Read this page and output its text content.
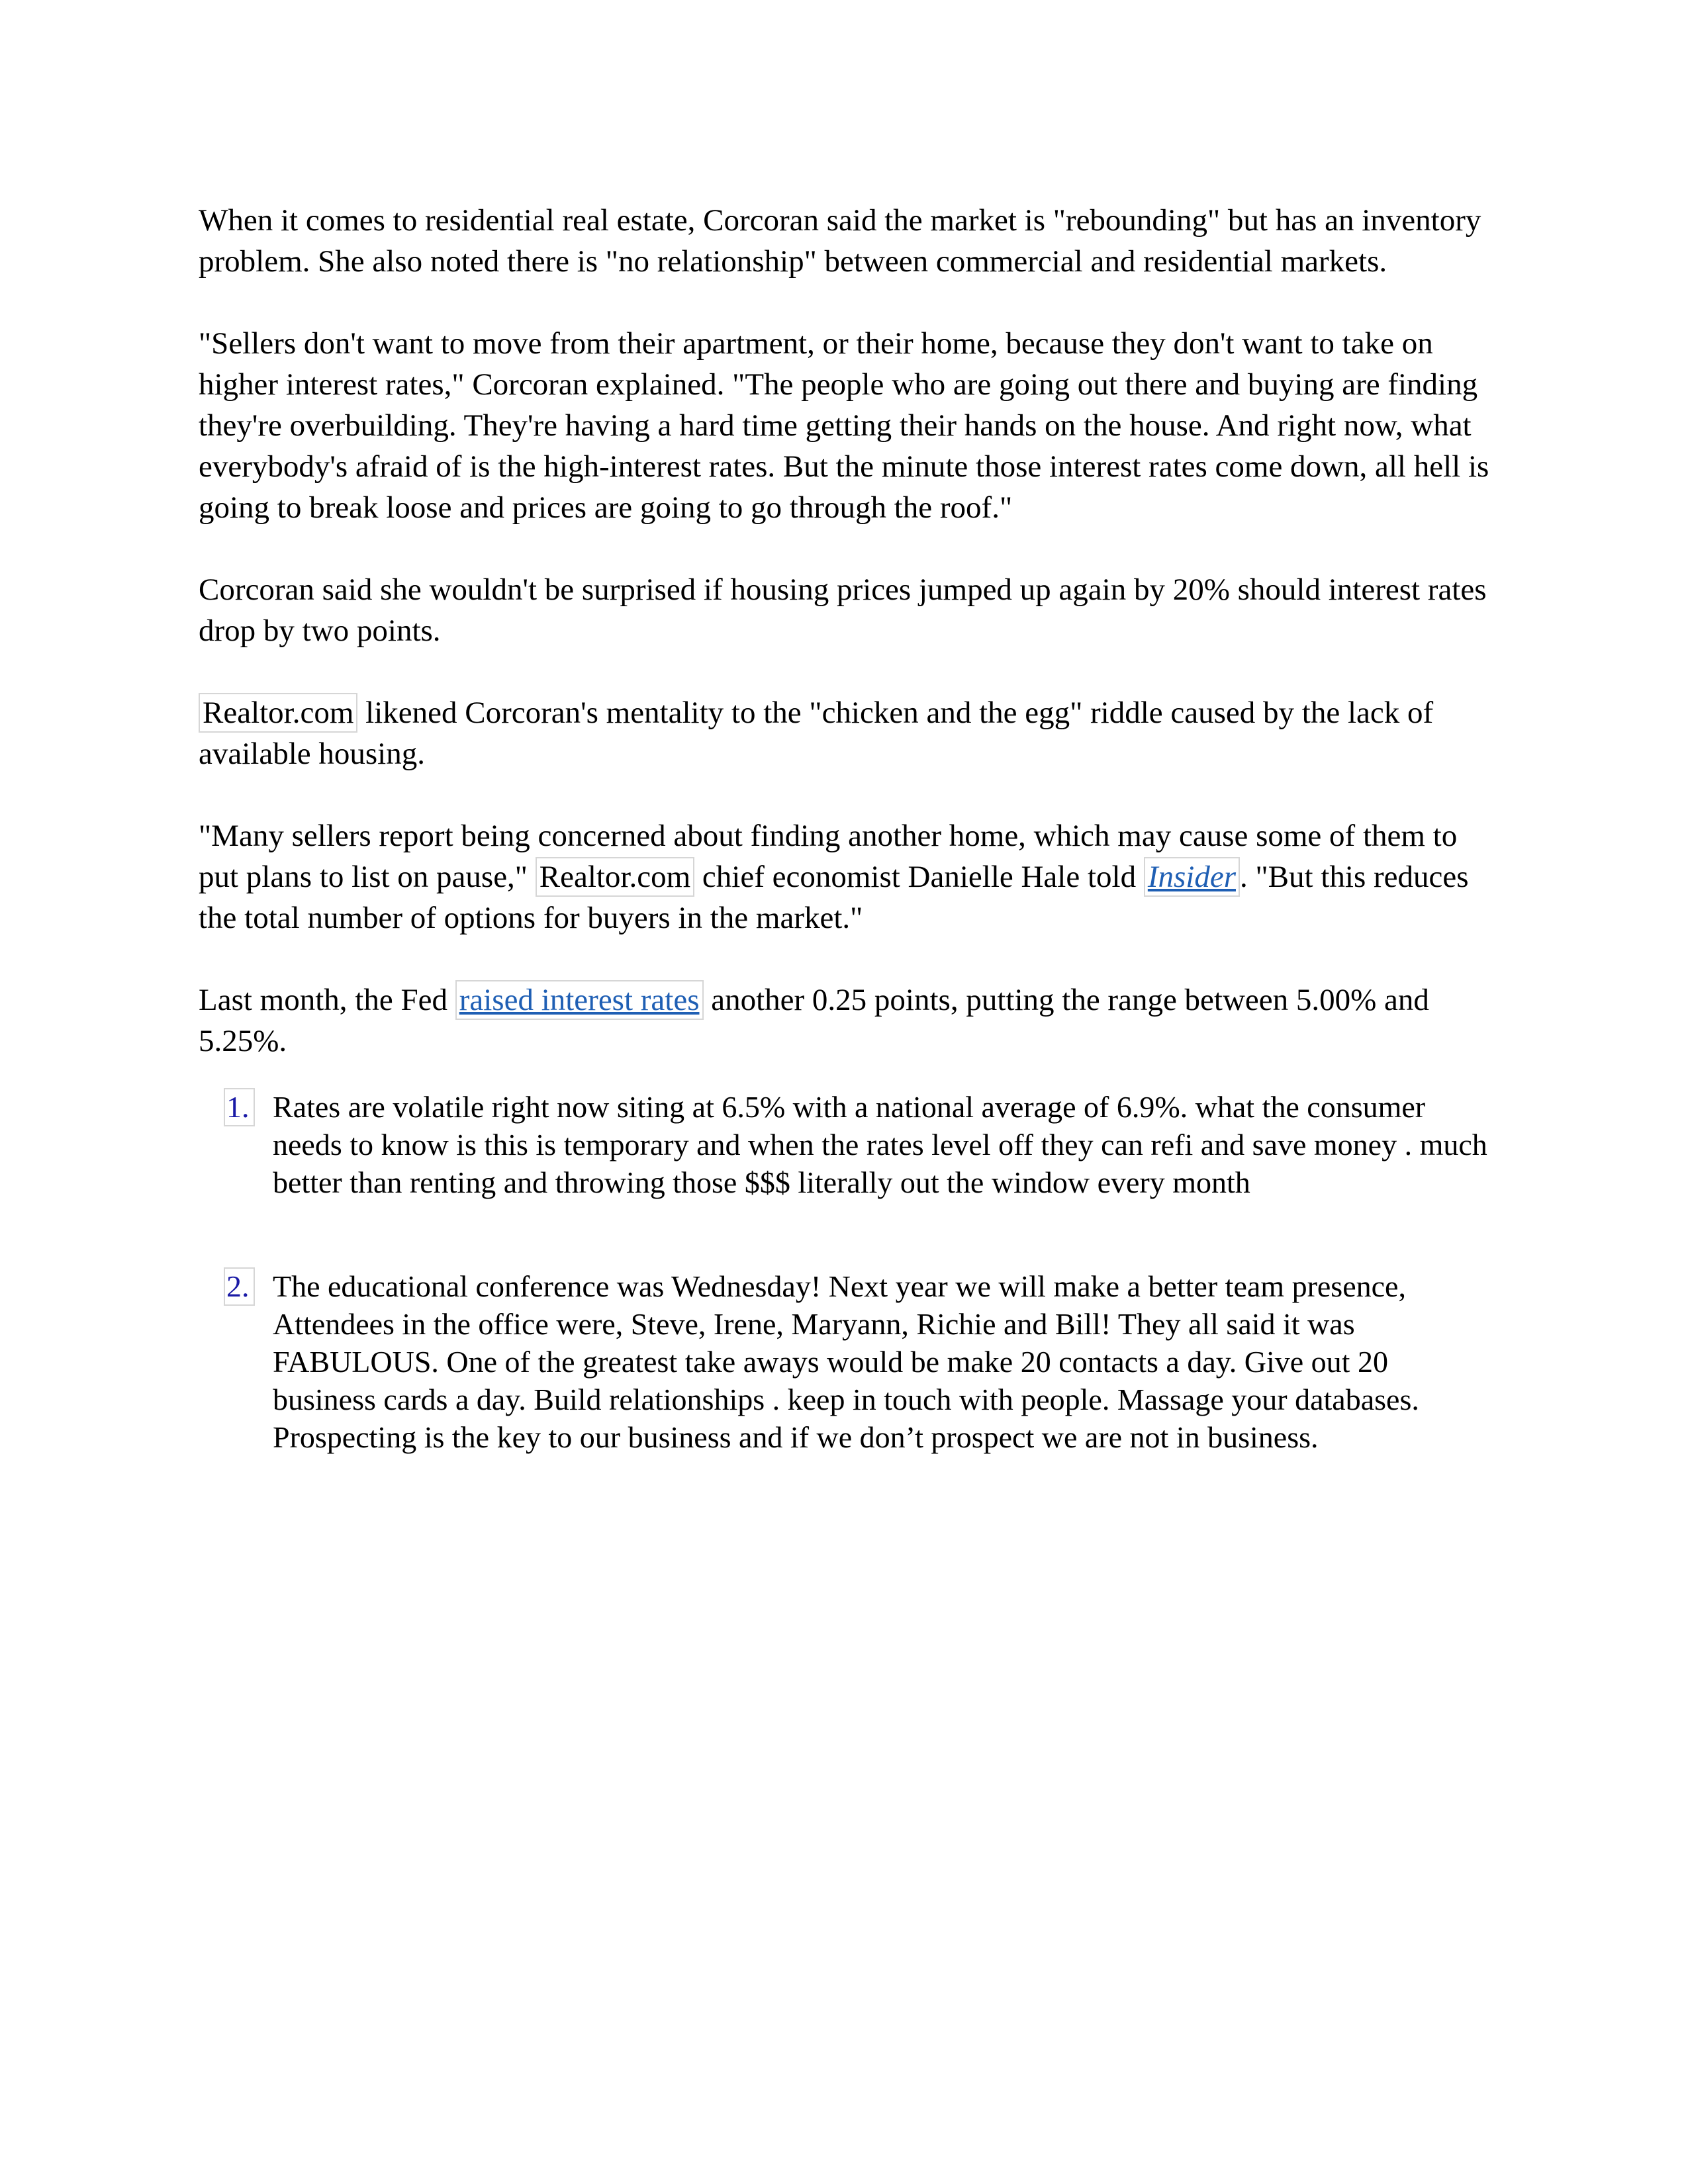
When it comes to residential real estate, Corcoran said the market is "rebounding" but has an inventory problem. She also noted there is "no relationship" between commercial and residential markets.

"Sellers don't want to move from their apartment, or their home, because they don't want to take on higher interest rates," Corcoran explained. "The people who are going out there and buying are finding they're overbuilding. They're having a hard time getting their hands on the house. And right now, what everybody's afraid of is the high-interest rates. But the minute those interest rates come down, all hell is going to break loose and prices are going to go through the roof."

Corcoran said she wouldn't be surprised if housing prices jumped up again by 20% should interest rates drop by two points.

Realtor.com likened Corcoran's mentality to the "chicken and the egg" riddle caused by the lack of available housing.

"Many sellers report being concerned about finding another home, which may cause some of them to put plans to list on pause," Realtor.com chief economist Danielle Hale told Insider . "But this reduces the total number of options for buyers in the market."

Last month, the Fed raised interest rates another 0.25 points, putting the range between 5.00% and 5.25%.

1. Rates are volatile right now siting at 6.5% with a national average of 6.9%. what the consumer needs to know is this is temporary and when the rates level off they can refi and save money . much better than renting and throwing those $$$ literally out the window every month
2. The educational conference was Wednesday! Next year we will make a better team presence, Attendees in the office were, Steve, Irene, Maryann, Richie and Bill! They all said it was FABULOUS. One of the greatest take aways would be make 20 contacts a day. Give out 20 business cards a day. Build relationships . keep in touch with people. Massage your databases. Prospecting is the key to our business and if we don’t prospect we are not in business.
